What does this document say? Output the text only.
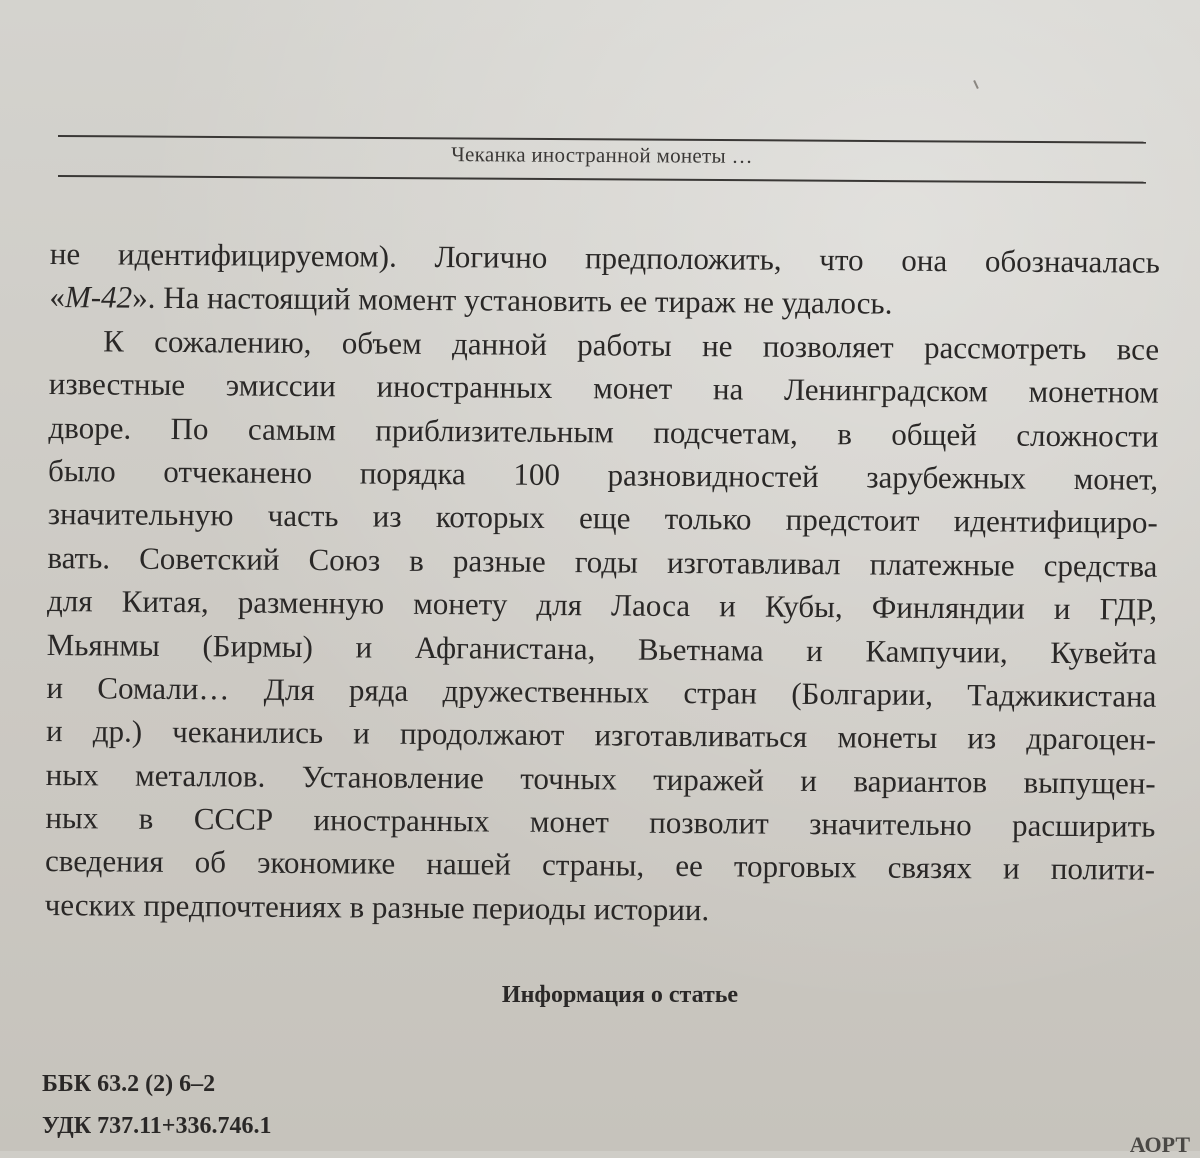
Чеканка иностранной монеты …
не идентифицируемом). Логично предположить, что она обозначалась
«М-42». На настоящий момент установить ее тираж не удалось.
К сожалению, объем данной работы не позволяет рассмотреть все
известные эмиссии иностранных монет на Ленинградском монетном
дворе. По самым приблизительным подсчетам, в общей сложности
было отчеканено порядка 100 разновидностей зарубежных монет,
значительную часть из которых еще только предстоит идентифициро-
вать. Советский Союз в разные годы изготавливал платежные средства
для Китая, разменную монету для Лаоса и Кубы, Финляндии и ГДР,
Мьянмы (Бирмы) и Афганистана, Вьетнама и Кампучии, Кувейта
и Сомали… Для ряда дружественных стран (Болгарии, Таджикистана
и др.) чеканились и продолжают изготавливаться монеты из драгоцен-
ных металлов. Установление точных тиражей и вариантов выпущен-
ных в СССР иностранных монет позволит значительно расширить
сведения об экономике нашей страны, ее торговых связях и полити-
ческих предпочтениях в разные периоды истории.
Информация о статье
ББК 63.2 (2) 6–2
УДК 737.11+336.746.1
АОРТ
